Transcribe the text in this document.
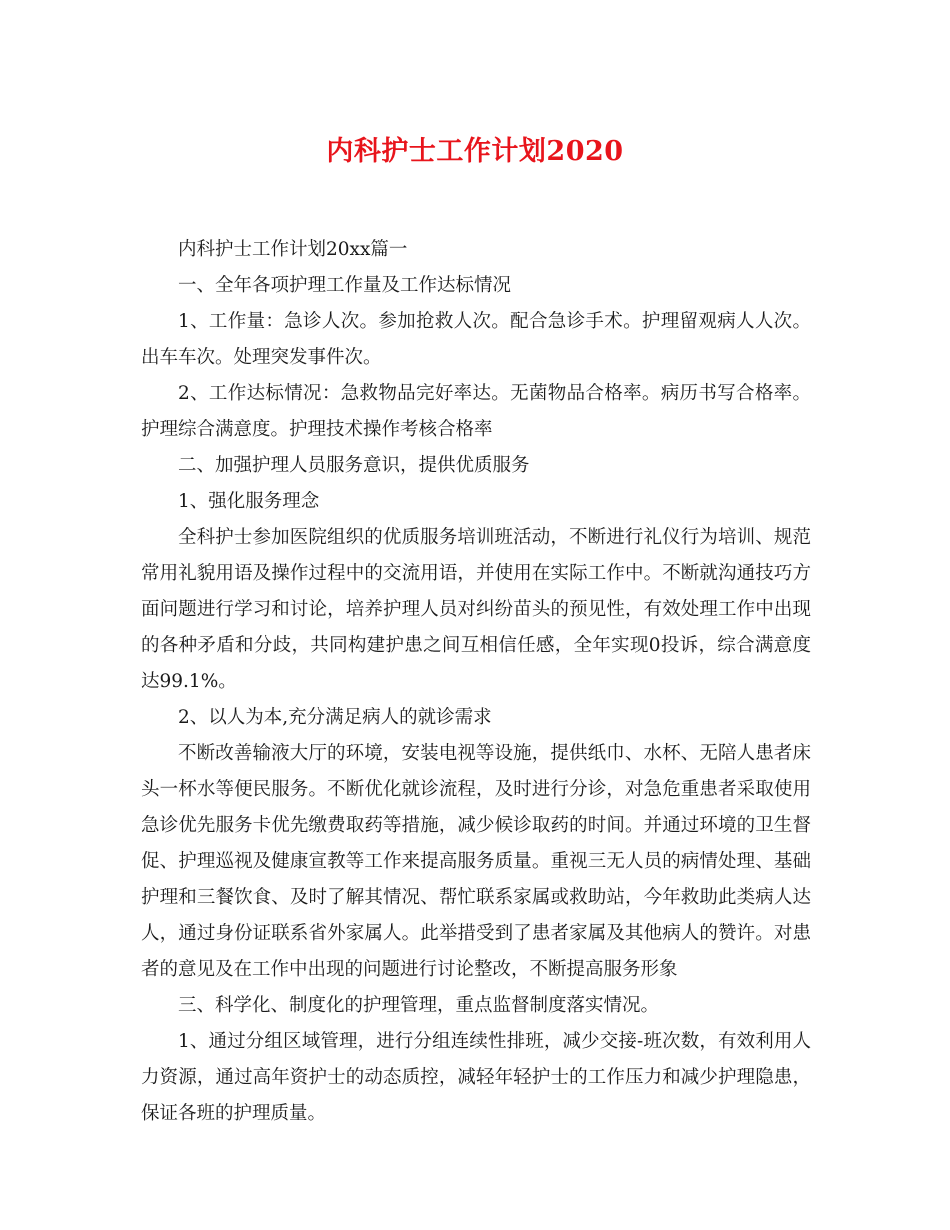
内科护士工作计划2020

内科护士工作计划20xx篇一

一、全年各项护理工作量及工作达标情况

1、工作量：急诊人次。参加抢救人次。配合急诊手术。护理留观病人人次。出车车次。处理突发事件次。

2、工作达标情况：急救物品完好率达。无菌物品合格率。病历书写合格率。护理综合满意度。护理技术操作考核合格率

二、加强护理人员服务意识，提供优质服务

1、强化服务理念

全科护士参加医院组织的优质服务培训班活动，不断进行礼仪行为培训、规范常用礼貌用语及操作过程中的交流用语，并使用在实际工作中。不断就沟通技巧方面问题进行学习和讨论，培养护理人员对纠纷苗头的预见性，有效处理工作中出现的各种矛盾和分歧，共同构建护患之间互相信任感，全年实现0投诉，综合满意度达99.1%。

2、以人为本,充分满足病人的就诊需求

不断改善输液大厅的环境，安装电视等设施，提供纸巾、水杯、无陪人患者床头一杯水等便民服务。不断优化就诊流程，及时进行分诊，对急危重患者采取使用急诊优先服务卡优先缴费取药等措施，减少候诊取药的时间。并通过环境的卫生督促、护理巡视及健康宣教等工作来提高服务质量。重视三无人员的病情处理、基础护理和三餐饮食、及时了解其情况、帮忙联系家属或救助站，今年救助此类病人达人，通过身份证联系省外家属人。此举措受到了患者家属及其他病人的赞许。对患者的意见及在工作中出现的问题进行讨论整改，不断提高服务形象

三、科学化、制度化的护理管理，重点监督制度落实情况。

1、通过分组区域管理，进行分组连续性排班，减少交接-班次数，有效利用人力资源，通过高年资护士的动态质控，减轻年轻护士的工作压力和减少护理隐患，保证各班的护理质量。
